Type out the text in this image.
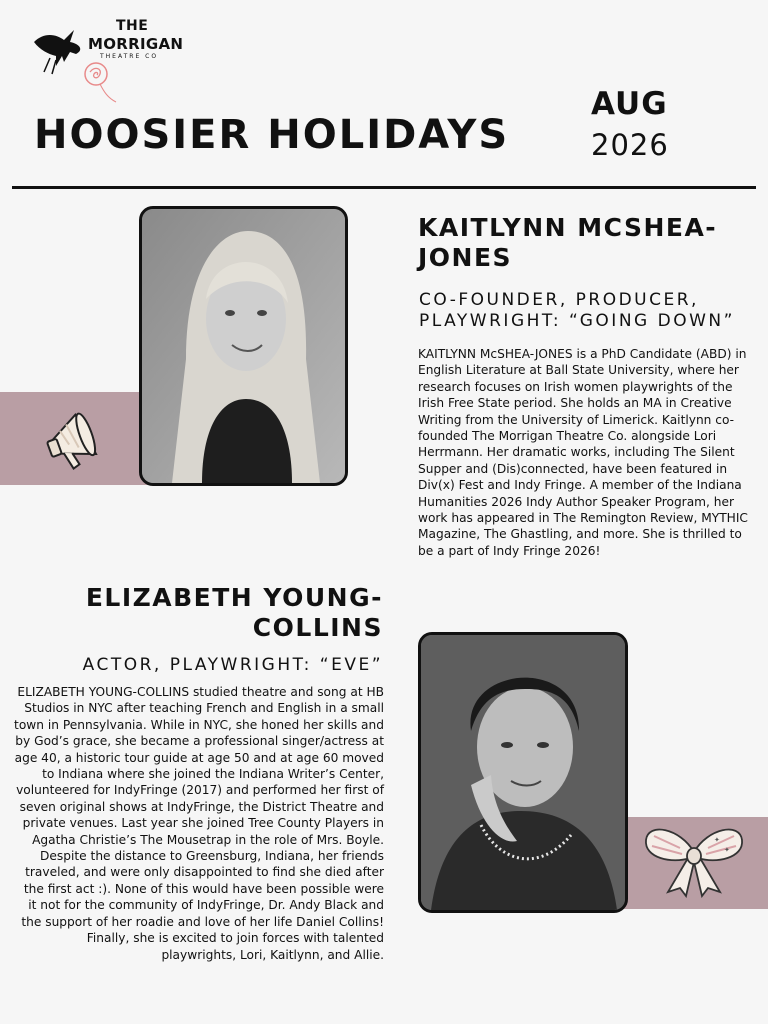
THE
MORRIGAN
THEATRE CO
HOOSIER HOLIDAYS
AUG
2026
KAITLYNN MCSHEA-JONES
CO-FOUNDER, PRODUCER, PLAYWRIGHT: “GOING DOWN”
KAITLYNN McSHEA-JONES is a PhD Candidate (ABD) in English Literature at Ball State University, where her research focuses on Irish women playwrights of the Irish Free State period. She holds an MA in Creative Writing from the University of Limerick. Kaitlynn co-founded The Morrigan Theatre Co. alongside Lori Herrmann. Her dramatic works, including The Silent Supper and (Dis)connected, have been featured in Div(x) Fest and Indy Fringe. A member of the Indiana Humanities 2026 Indy Author Speaker Program, her work has appeared in The Remington Review, MYTHIC Magazine, The Ghastling, and more. She is thrilled to be a part of Indy Fringe 2026!
ELIZABETH YOUNG-COLLINS
ACTOR, PLAYWRIGHT: “EVE”
ELIZABETH YOUNG-COLLINS studied theatre and song at HB Studios in NYC after teaching French and English in a small town in Pennsylvania. While in NYC, she honed her skills and by God’s grace, she became a professional singer/actress at age 40, a historic tour guide at age 50 and at age 60 moved to Indiana where she joined the Indiana Writer’s Center, volunteered for IndyFringe (2017) and performed her first of seven original shows at IndyFringe, the District Theatre and private venues. Last year she joined Tree County Players in Agatha Christie’s The Mousetrap in the role of Mrs. Boyle. Despite the distance to Greensburg, Indiana, her friends traveled, and were only disappointed to find she died after the first act :). None of this would have been possible were it not for the community of IndyFringe, Dr. Andy Black and the support of her roadie and love of her life Daniel Collins! Finally, she is excited to join forces with talented playwrights, Lori, Kaitlynn, and Allie.
✦
✦
